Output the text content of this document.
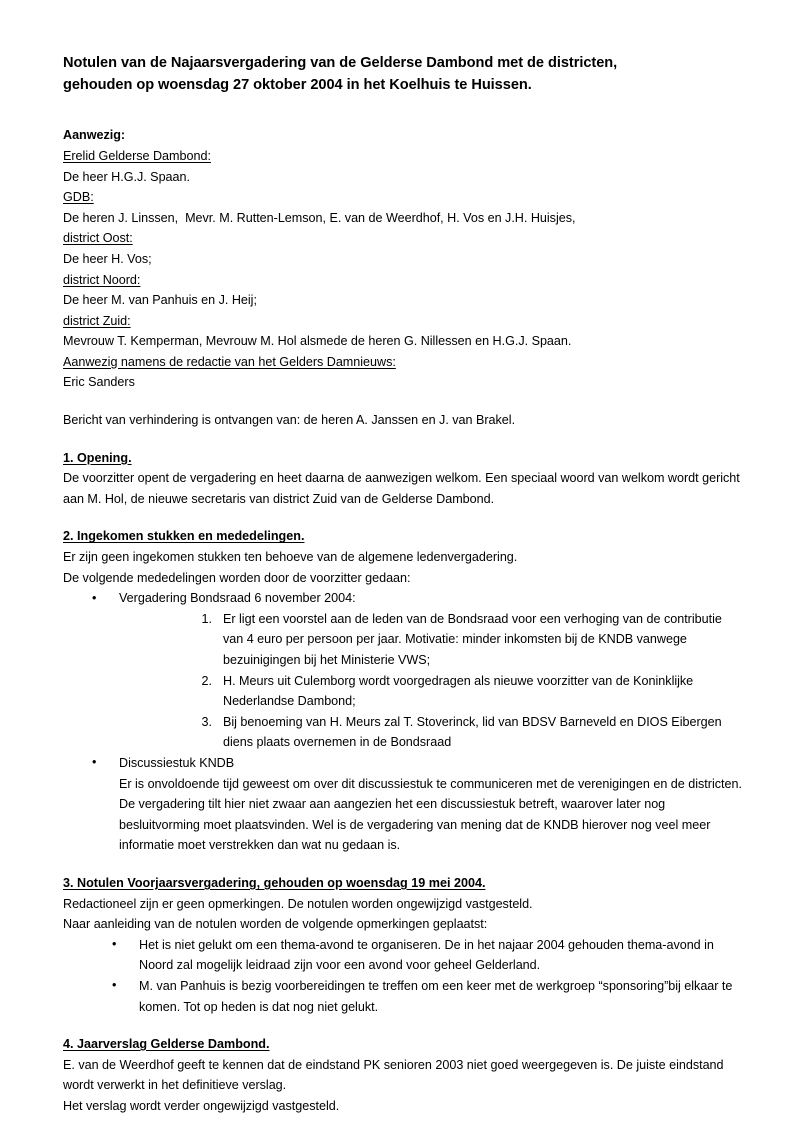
Notulen van de Najaarsvergadering van de Gelderse Dambond met de districten,
gehouden op woensdag 27 oktober 2004 in het Koelhuis te Huissen.
Aanwezig:
Erelid Gelderse Dambond:
De heer H.G.J. Spaan.
GDB:
De heren J. Linssen,  Mevr. M. Rutten-Lemson, E. van de Weerdhof, H. Vos en J.H. Huisjes,
district Oost:
De heer H. Vos;
district Noord:
De heer M. van Panhuis en J. Heij;
district Zuid:
Mevrouw T. Kemperman, Mevrouw M. Hol alsmede de heren G. Nillessen en H.G.J. Spaan.
Aanwezig namens de redactie van het Gelders Damnieuws:
Eric Sanders
Bericht van verhindering is ontvangen van: de heren A. Janssen en J. van Brakel.
1. Opening.

De voorzitter opent de vergadering en heet daarna de aanwezigen welkom. Een speciaal woord van welkom wordt gericht aan M. Hol, de nieuwe secretaris van district Zuid van de Gelderse Dambond.

2. Ingekomen stukken en mededelingen.

Er zijn geen ingekomen stukken ten behoeve van de algemene ledenvergadering.

De volgende mededelingen worden door de voorzitter gedaan:

• Vergadering Bondsraad 6 november 2004:
1. Er ligt een voorstel aan de leden van de Bondsraad voor een verhoging van de contributie van 4 euro per persoon per jaar. Motivatie: minder inkomsten bij de KNDB vanwege bezuinigingen bij het Ministerie VWS;
2. H. Meurs uit Culemborg wordt voorgedragen als nieuwe voorzitter van de Koninklijke Nederlandse Dambond;
3. Bij benoeming van H. Meurs zal T. Stoverinck, lid van BDSV Barneveld en DIOS Eibergen diens plaats overnemen in de Bondsraad
• Discussiestuk KNDB
Er is onvoldoende tijd geweest om over dit discussiestuk te communiceren met de verenigingen en de districten. De vergadering tilt hier niet zwaar aan aangezien het een discussiestuk betreft, waarover later nog besluitvorming moet plaatsvinden. Wel is de vergadering van mening dat de KNDB hierover nog veel meer informatie moet verstrekken dan wat nu gedaan is.
3. Notulen Voorjaarsvergadering, gehouden op woensdag 19 mei 2004.

Redactioneel zijn er geen opmerkingen. De notulen worden ongewijzigd vastgesteld.

Naar aanleiding van de notulen worden de volgende opmerkingen geplaatst:

• Het is niet gelukt om een thema-avond te organiseren. De in het najaar 2004 gehouden thema-avond in Noord zal mogelijk leidraad zijn voor een avond voor geheel Gelderland.
• M. van Panhuis is bezig voorbereidingen te treffen om een keer met de werkgroep “sponsoring”bij elkaar te komen. Tot op heden is dat nog niet gelukt.
4. Jaarverslag Gelderse Dambond.

E. van de Weerdhof geeft te kennen dat de eindstand PK senioren 2003 niet goed weergegeven is. De juiste eindstand wordt verwerkt in het definitieve verslag.

Het verslag wordt verder ongewijzigd vastgesteld.
